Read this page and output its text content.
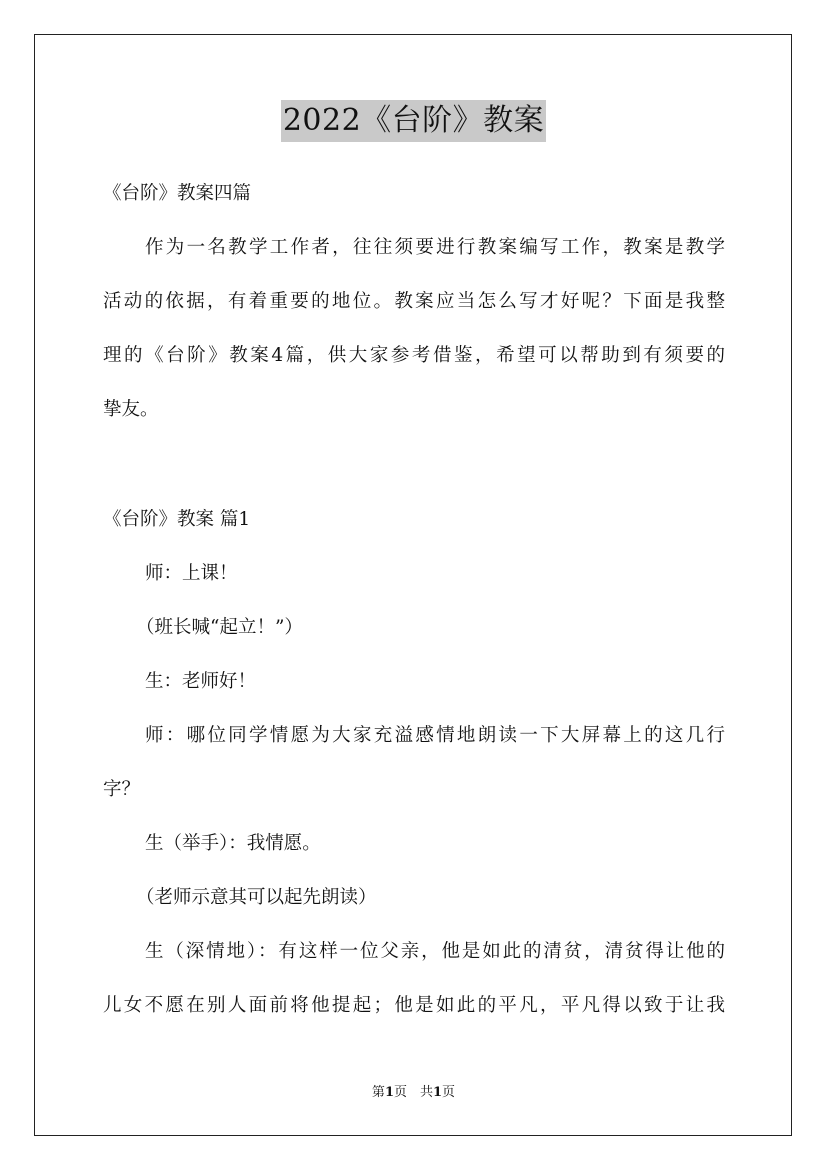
2022《台阶》教案
《台阶》教案四篇
作为一名教学工作者，往往须要进行教案编写工作，教案是教学
活动的依据，有着重要的地位。教案应当怎么写才好呢？下面是我整
理的《台阶》教案4篇，供大家参考借鉴，希望可以帮助到有须要的
挚友。
《台阶》教案 篇1
师：上课！
（班长喊“起立！”）
生：老师好！
师：哪位同学情愿为大家充溢感情地朗读一下大屏幕上的这几行
字？
生（举手）：我情愿。
（老师示意其可以起先朗读）
生（深情地）：有这样一位父亲，他是如此的清贫，清贫得让他的
儿女不愿在别人面前将他提起；他是如此的平凡，平凡得以致于让我
第1页　共1页
